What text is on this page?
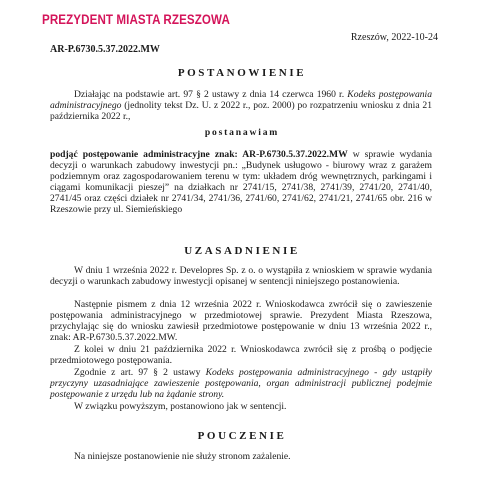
PREZYDENT MIASTA RZESZOWA
Rzeszów, 2022-10-24
AR-P.6730.5.37.2022.MW
POSTANOWIENIE

Działając na podstawie art. 97 § 2 ustawy z dnia 14 czerwca 1960 r. Kodeks postępowania administracyjnego (jednolity tekst Dz. U. z 2022 r., poz. 2000) po rozpatrzeniu wniosku z dnia 21 października 2022 r.,

postanawiam

podjąć postępowanie administracyjne znak: AR-P.6730.5.37.2022.MW w sprawie wydania decyzji o warunkach zabudowy inwestycji pn.: „Budynek usługowo - biurowy wraz z garażem podziemnym oraz zagospodarowaniem terenu w tym: układem dróg wewnętrznych, parkingami i ciągami komunikacji pieszej” na działkach nr 2741/15, 2741/38, 2741/39, 2741/20, 2741/40, 2741/45 oraz części działek nr 2741/34, 2741/36, 2741/60, 2741/62, 2741/21, 2741/65 obr. 216 w Rzeszowie przy ul. Siemieńskiego

UZASADNIENIE

W dniu 1 września 2022 r. Developres Sp. z o. o wystąpiła z wnioskiem w sprawie wydania decyzji o warunkach zabudowy inwestycji opisanej w sentencji niniejszego postanowienia.

Następnie pismem z dnia 12 września 2022 r. Wnioskodawca zwrócił się o zawieszenie postępowania administracyjnego w przedmiotowej sprawie. Prezydent Miasta Rzeszowa, przychylając się do wniosku zawiesił przedmiotowe postępowanie w dniu 13 września 2022 r., znak: AR-P.6730.5.37.2022.MW.

Z kolei w dniu 21 października 2022 r. Wnioskodawca zwrócił się z prośbą o podjęcie przedmiotowego postępowania.

Zgodnie z art. 97 § 2 ustawy Kodeks postępowania administracyjnego - gdy ustąpiły przyczyny uzasadniające zawieszenie postępowania, organ administracji publicznej podejmie postępowanie z urzędu lub na żądanie strony.

W związku powyższym, postanowiono jak w sentencji.

POUCZENIE

Na niniejsze postanowienie nie służy stronom zażalenie.
